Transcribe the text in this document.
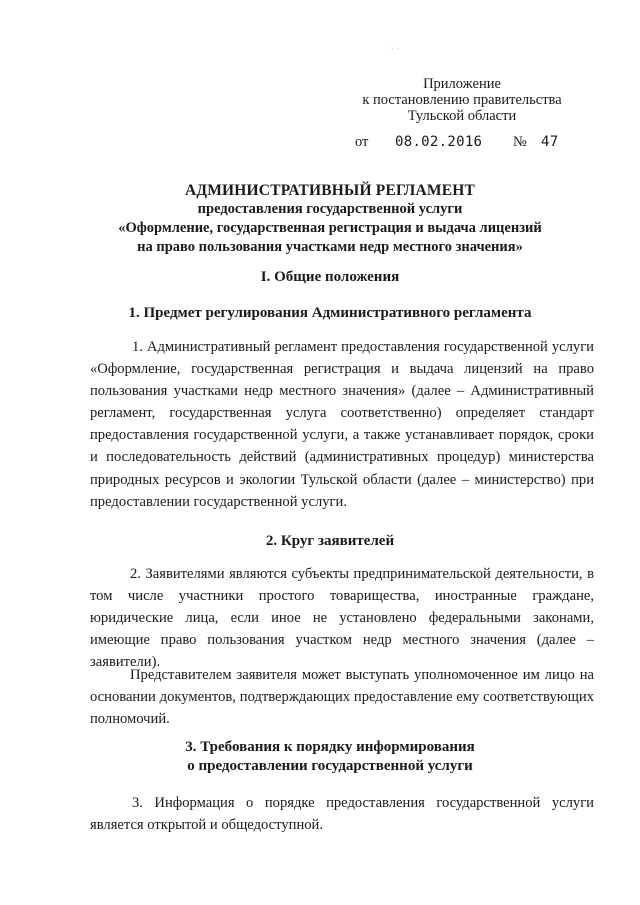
· · ·
Приложение
к постановлению правительства
Тульской области
от 08.02.2016 № 47
АДМИНИСТРАТИВНЫЙ РЕГЛАМЕНТ
предоставления государственной услуги
«Оформление, государственная регистрация и выдача лицензий
на право пользования участками недр местного значения»
I. Общие положения
1. Предмет регулирования Административного регламента
1. Административный регламент предоставления государственной услуги «Оформление, государственная регистрация и выдача лицензий на право пользования участками недр местного значения» (далее – Административный регламент, государственная услуга соответственно) определяет стандарт предоставления государственной услуги, а также устанавливает порядок, сроки и последовательность действий (административных процедур) министерства природных ресурсов и экологии Тульской области (далее – министерство) при предоставлении государственной услуги.
2. Круг заявителей
2. Заявителями являются субъекты предпринимательской деятельности, в том числе участники простого товарищества, иностранные граждане, юридические лица, если иное не установлено федеральными законами, имеющие право пользования участком недр местного значения (далее – заявители).
Представителем заявителя может выступать уполномоченное им лицо на основании документов, подтверждающих предоставление ему соответствующих полномочий.
3. Требования к порядку информирования
о предоставлении государственной услуги
3. Информация о порядке предоставления государственной услуги является открытой и общедоступной.
